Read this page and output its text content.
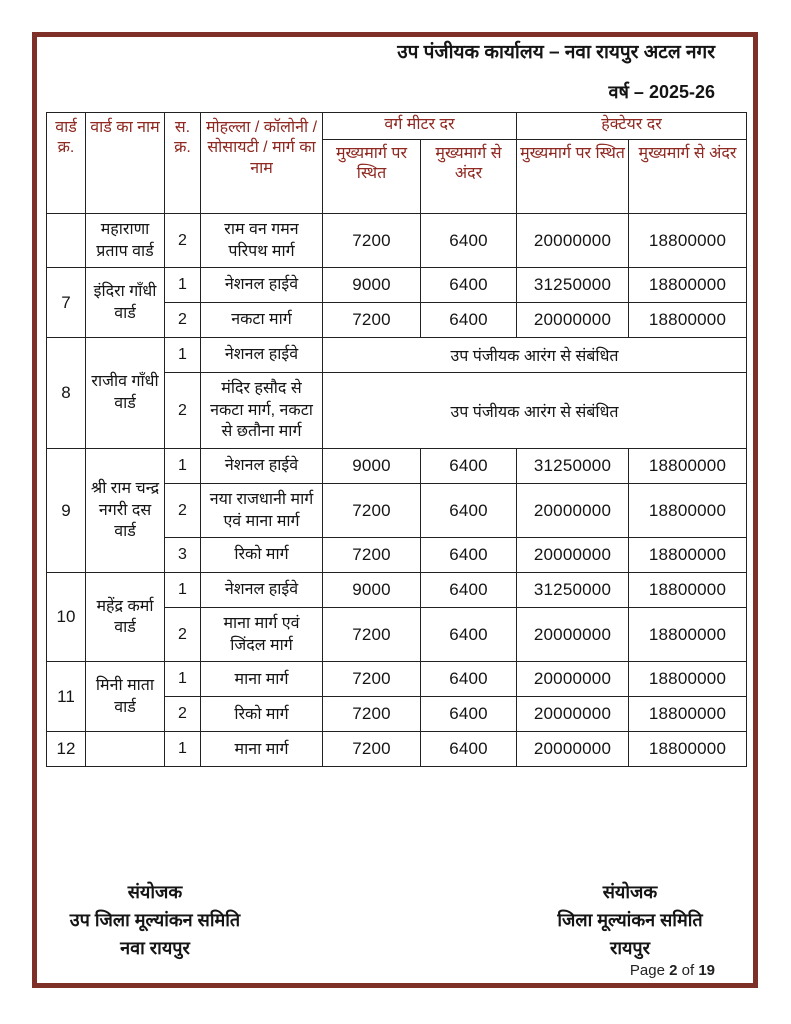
उप पंजीयक कार्यालय – नवा रायपुर अटल नगर
वर्ष – 2025-26
वार्ड क्र.	वार्ड का नाम	स. क्र.	मोहल्ला / कॉलोनी / सोसायटी / मार्ग का नाम	वर्ग मीटर दर		हेक्टेयर दर	
				मुख्यमार्ग पर स्थित	मुख्यमार्ग से अंदर	मुख्यमार्ग पर स्थित	मुख्यमार्ग से अंदर
	महाराणा प्रताप वार्ड	2	राम वन गमन परिपथ मार्ग	7200	6400	20000000	18800000
7	इंदिरा गाँधी वार्ड	1	नेशनल हाईवे	9000	6400	31250000	18800000
		2	नकटा मार्ग	7200	6400	20000000	18800000
8	राजीव गाँधी वार्ड	1	नेशनल हाईवे	उप पंजीयक आरंग से संबंधित			
		2	मंदिर हसौद से नकटा मार्ग, नकटा से छतौना मार्ग	उप पंजीयक आरंग से संबंधित			
9	श्री राम चन्द्र नगरी दस वार्ड	1	नेशनल हाईवे	9000	6400	31250000	18800000
		2	नया राजधानी मार्ग एवं माना मार्ग	7200	6400	20000000	18800000
		3	रिको मार्ग	7200	6400	20000000	18800000
10	महेंद्र कर्मा वार्ड	1	नेशनल हाईवे	9000	6400	31250000	18800000
		2	माना मार्ग एवं जिंदल मार्ग	7200	6400	20000000	18800000
11	मिनी माता वार्ड	1	माना मार्ग	7200	6400	20000000	18800000
		2	रिको मार्ग	7200	6400	20000000	18800000
12		1	माना मार्ग	7200	6400	20000000	18800000
संयोजक
उप जिला मूल्यांकन समिति
नवा रायपुर
संयोजक
जिला मूल्यांकन समिति
रायपुर
Page 2 of 19
